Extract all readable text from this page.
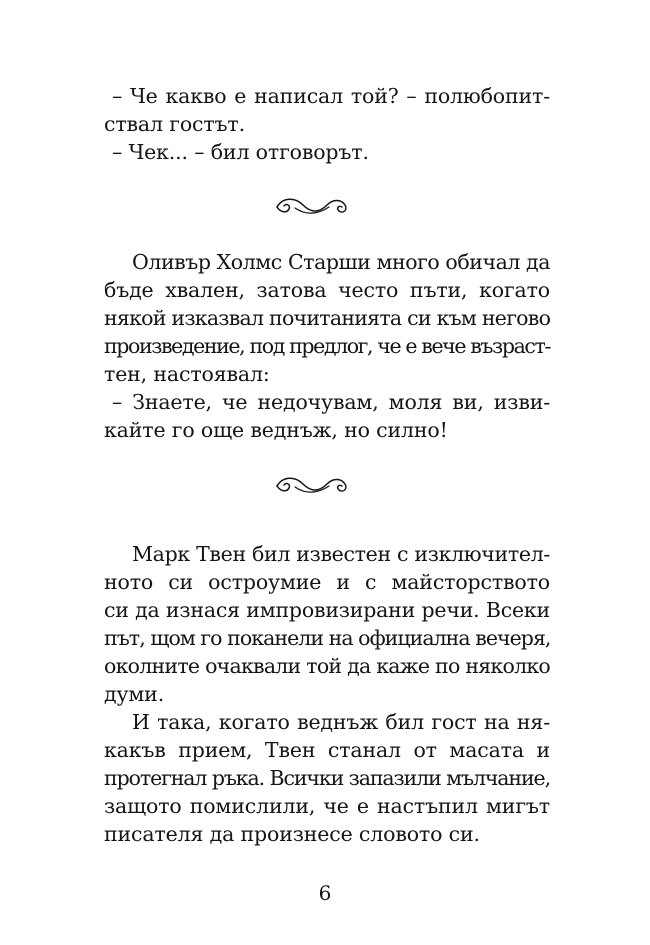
– Че какво е написал той? – полюбопит-
ствал гостът.
– Чек... – бил отговорът.
Оливър Холмс Старши много обичал да
бъде хвален, затова често пъти, когато
някой изказвал почитанията си към негово
произведение, под предлог, че е вече възраст-
тен, настоявал:
– Знаете, че недочувам, моля ви, изви-
кайте го още веднъж, но силно!
Марк Твен бил известен с изключител-
ното си остроумие и с майсторството
си да изнася импровизирани речи. Всеки
път, щом го поканели на официална вечеря,
околните очаквали той да каже по няколко
думи.
И така, когато веднъж бил гост на ня-
какъв прием, Твен станал от масата и
протегнал ръка. Всички запазили мълчание,
защото помислили, че е настъпил мигът
писателя да произнесе словото си.
6
